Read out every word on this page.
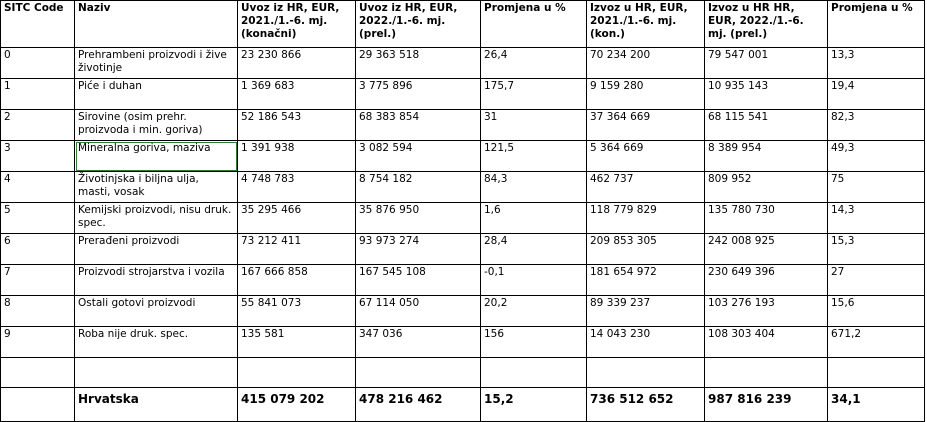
SITC Code	Naziv	Uvoz iz HR, EUR, 2021./1.-6. mj. (konačni)	Uvoz iz HR, EUR, 2022./1.-6. mj. (prel.)	Promjena u %	Izvoz u HR, EUR, 2021./1.-6. mj. (kon.)	Izvoz u HR HR, EUR, 2022./1.-6. mj. (prel.)	Promjena u %
0	Prehrambeni proizvodi i žive životinje	23 230 866	29 363 518	26,4	70 234 200	79 547 001	13,3
1	Piće i duhan	1 369 683	3 775 896	175,7	9 159 280	10 935 143	19,4
2	Sirovine (osim prehr. proizvoda i min. goriva)	52 186 543	68 383 854	31	37 364 669	68 115 541	82,3
3	Mineralna goriva, maziva	1 391 938	3 082 594	121,5	5 364 669	8 389 954	49,3
4	Životinjska i biljna ulja, masti, vosak	4 748 783	8 754 182	84,3	462 737	809 952	75
5	Kemijski proizvodi, nisu druk. spec.	35 295 466	35 876 950	1,6	118 779 829	135 780 730	14,3
6	Prerađeni proizvodi	73 212 411	93 973 274	28,4	209 853 305	242 008 925	15,3
7	Proizvodi strojarstva i vozila	167 666 858	167 545 108	-0,1	181 654 972	230 649 396	27
8	Ostali gotovi proizvodi	55 841 073	67 114 050	20,2	89 339 237	103 276 193	15,6
9	Roba nije druk. spec.	135 581	347 036	156	14 043 230	108 303 404	671,2

	Hrvatska	415 079 202	478 216 462	15,2	736 512 652	987 816 239	34,1
